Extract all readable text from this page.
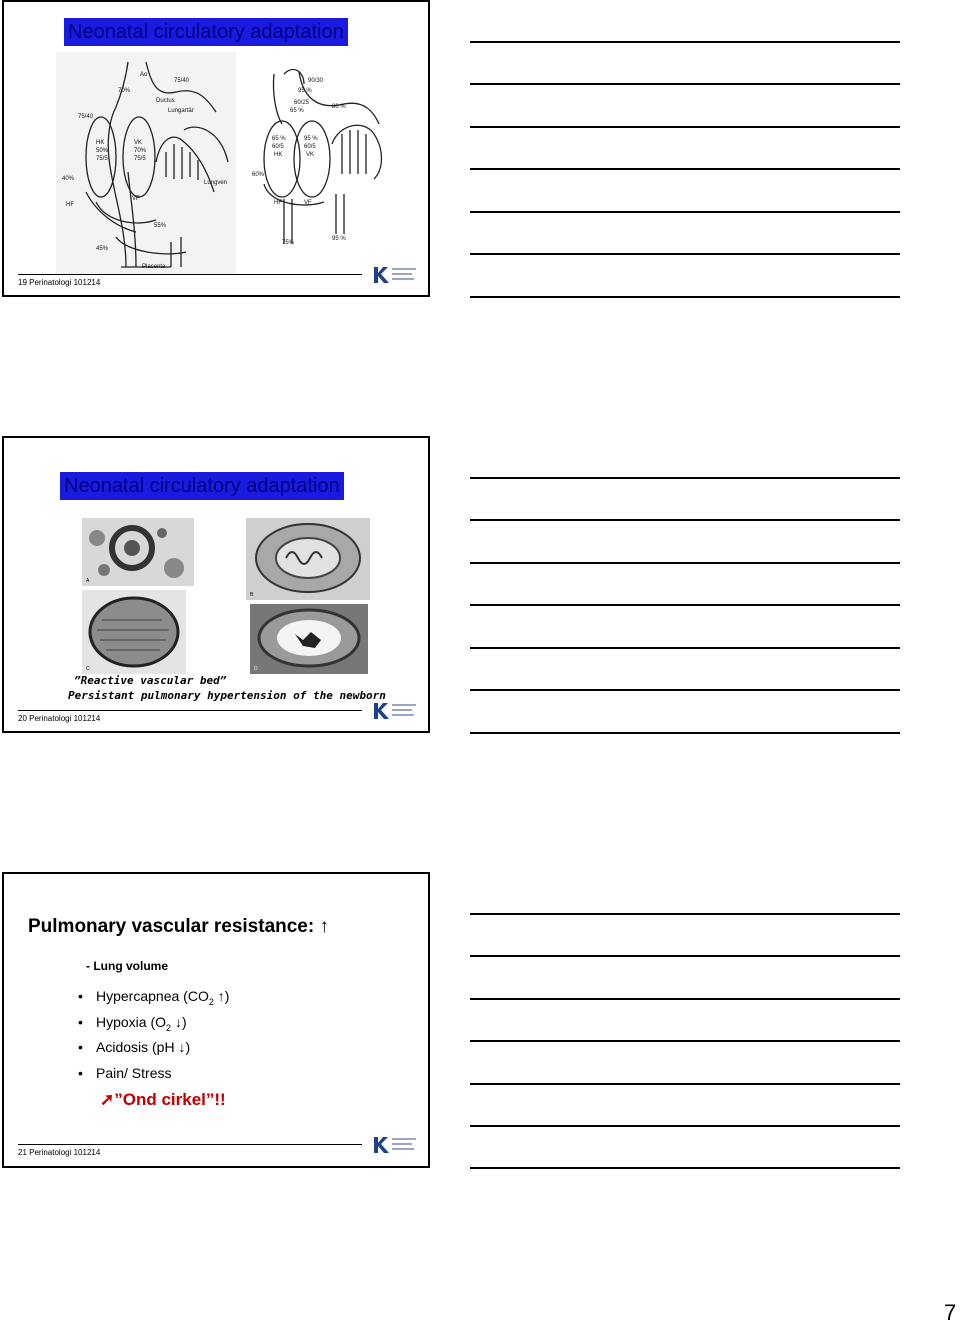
Neonatal circulatory adaptation
Ao
75/40
70%
Ductus
Lungartär
75/40
HK	VK
50%	70%
75/5	75/5
40%
Lungven
HF
VF
55%
45%
Placenta
90/30
95 %
60/25
65 %
80 %
65 %	95 %
60/5	60/5
HK	VK
60%
HF	VF
75%
95 %
19 Perinatologi 101214
Neonatal circulatory adaptation
A
B
C	D
”Reactive vascular bed”
Persistant pulmonary hypertension of the newborn
20 Perinatologi 101214
Pulmonary vascular resistance: ↑
- Lung volume
• Hypercapnea ($CO_2$ ↑)
• Hypoxia ($O_2$ ↓)
• Acidosis (pH ↓)
• Pain/ Stress
➚”Ond cirkel”!!
21 Perinatologi 101214
7
